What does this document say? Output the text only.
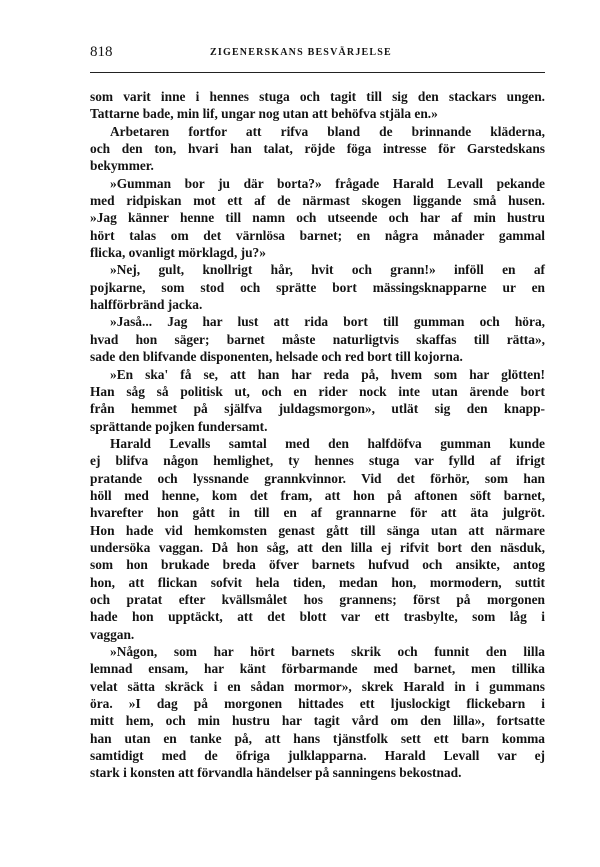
818	ZIGENERSKANS BESVÄRJELSE
som varit inne i hennes stuga och tagit till sig den stackars ungen.
Tattarne bade, min lif, ungar nog utan att behöfva stjäla en.»
Arbetaren fortfor att rifva bland de brinnande kläderna,
och den ton, hvari han talat, röjde föga intresse för Garstedskans
bekymmer.
»Gumman bor ju där borta?» frågade Harald Levall pekande
med ridpiskan mot ett af de närmast skogen liggande små husen.
»Jag känner henne till namn och utseende och har af min hustru
hört talas om det värnlösa barnet; en några månader gammal
flicka, ovanligt mörklagd, ju?»
»Nej, gult, knollrigt hår, hvit och grann!» inföll en af
pojkarne, som stod och sprätte bort mässingsknapparne ur en
halfförbränd jacka.
»Jaså... Jag har lust att rida bort till gumman och höra,
hvad hon säger; barnet måste naturligtvis skaffas till rätta»,
sade den blifvande disponenten, helsade och red bort till kojorna.
»En ska' få se, att han har reda på, hvem som har glötten!
Han såg så politisk ut, och en rider nock inte utan ärende bort
från hemmet på själfva juldagsmorgon», utlät sig den knapp-
sprättande pojken fundersamt.
Harald Levalls samtal med den halfdöfva gumman kunde
ej blifva någon hemlighet, ty hennes stuga var fylld af ifrigt
pratande och lyssnande grannkvinnor. Vid det förhör, som han
höll med henne, kom det fram, att hon på aftonen söft barnet,
hvarefter hon gått in till en af grannarne för att äta julgröt.
Hon hade vid hemkomsten genast gått till sänga utan att närmare
undersöka vaggan. Då hon såg, att den lilla ej rifvit bort den näsduk,
som hon brukade breda öfver barnets hufvud och ansikte, antog
hon, att flickan sofvit hela tiden, medan hon, mormodern, suttit
och pratat efter kvällsmålet hos grannens; först på morgonen
hade hon upptäckt, att det blott var ett trasbylte, som låg i
vaggan.
»Någon, som har hört barnets skrik och funnit den lilla
lemnad ensam, har känt förbarmande med barnet, men tillika
velat sätta skräck i en sådan mormor», skrek Harald in i gummans
öra. »I dag på morgonen hittades ett ljuslockigt flickebarn i
mitt hem, och min hustru har tagit vård om den lilla», fortsatte
han utan en tanke på, att hans tjänstfolk sett ett barn komma
samtidigt med de öfriga julklapparna. Harald Levall var ej
stark i konsten att förvandla händelser på sanningens bekostnad.
